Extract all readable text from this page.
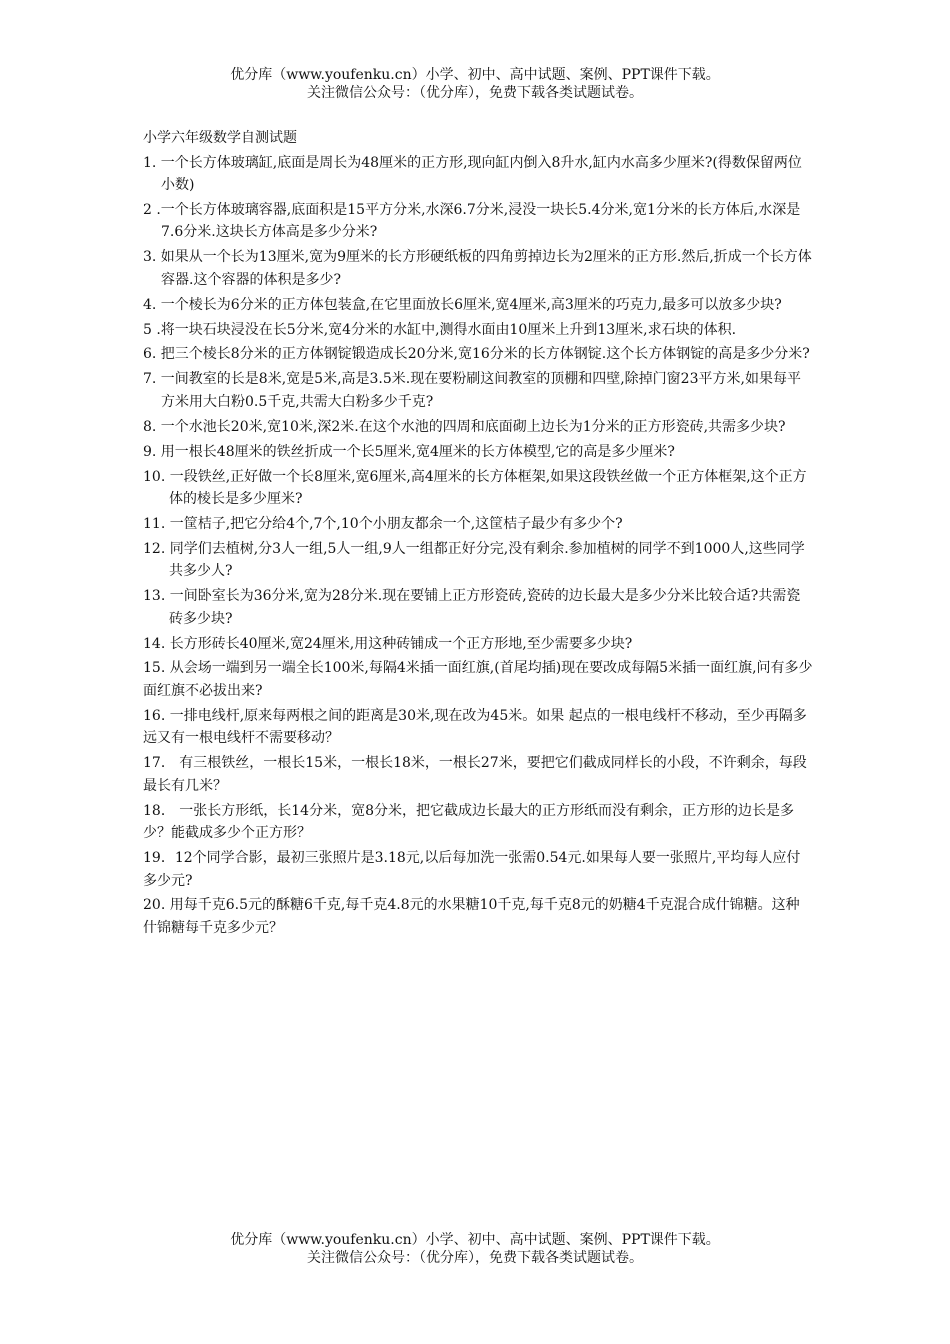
优分库（www.youfenku.cn）小学、初中、高中试题、案例、PPT课件下载。
关注微信公众号：（优分库），免费下载各类试题试卷。
小学六年级数学自测试题
1. 一个长方体玻璃缸,底面是周长为48厘米的正方形,现向缸内倒入8升水,缸内水高多少厘米?(得数保留两位小数)
2 .一个长方体玻璃容器,底面积是15平方分米,水深6.7分米,浸没一块长5.4分米,宽1分米的长方体后,水深是7.6分米.这块长方体高是多少分米?
3. 如果从一个长为13厘米,宽为9厘米的长方形硬纸板的四角剪掉边长为2厘米的正方形.然后,折成一个长方体容器.这个容器的体积是多少?
4. 一个棱长为6分米的正方体包装盒,在它里面放长6厘米,宽4厘米,高3厘米的巧克力,最多可以放多少块?
5 .将一块石块浸没在长5分米,宽4分米的水缸中,测得水面由10厘米上升到13厘米,求石块的体积.
6. 把三个棱长8分米的正方体钢锭锻造成长20分米,宽16分米的长方体钢锭.这个长方体钢锭的高是多少分米?
7. 一间教室的长是8米,宽是5米,高是3.5米.现在要粉刷这间教室的顶棚和四壁,除掉门窗23平方米,如果每平方米用大白粉0.5千克,共需大白粉多少千克?
8. 一个水池长20米,宽10米,深2米.在这个水池的四周和底面砌上边长为1分米的正方形瓷砖,共需多少块?
9. 用一根长48厘米的铁丝折成一个长5厘米,宽4厘米的长方体模型,它的高是多少厘米?
10. 一段铁丝,正好做一个长8厘米,宽6厘米,高4厘米的长方体框架,如果这段铁丝做一个正方体框架,这个正方体的棱长是多少厘米?
11. 一筐桔子,把它分给4个,7个,10个小朋友都余一个,这筐桔子最少有多少个?
12. 同学们去植树,分3人一组,5人一组,9人一组都正好分完,没有剩余.参加植树的同学不到1000人,这些同学共多少人?
13. 一间卧室长为36分米,宽为28分米.现在要铺上正方形瓷砖,瓷砖的边长最大是多少分米比较合适?共需瓷砖多少块?
14. 长方形砖长40厘米,宽24厘米,用这种砖铺成一个正方形地,至少需要多少块?
15. 从会场一端到另一端全长100米,每隔4米插一面红旗,(首尾均插)现在要改成每隔5米插一面红旗,问有多少面红旗不必拔出来?
16. 一排电线杆,原来每两根之间的距离是30米,现在改为45米。如果 起点的一根电线杆不移动，至少再隔多远又有一根电线杆不需要移动？
17． 有三根铁丝，一根长15米，一根长18米，一根长27米，要把它们截成同样长的小段，不许剩余，每段最长有几米？
18． 一张长方形纸，长14分米，宽8分米，把它截成边长最大的正方形纸而没有剩余，正方形的边长是多少？能截成多少个正方形？
19．12个同学合影，最初三张照片是3.18元,以后每加洗一张需0.54元.如果每人要一张照片,平均每人应付多少元?
20. 用每千克6.5元的酥糖6千克,每千克4.8元的水果糖10千克,每千克8元的奶糖4千克混合成什锦糖。这种什锦糖每千克多少元？
优分库（www.youfenku.cn）小学、初中、高中试题、案例、PPT课件下载。
关注微信公众号：（优分库），免费下载各类试题试卷。
